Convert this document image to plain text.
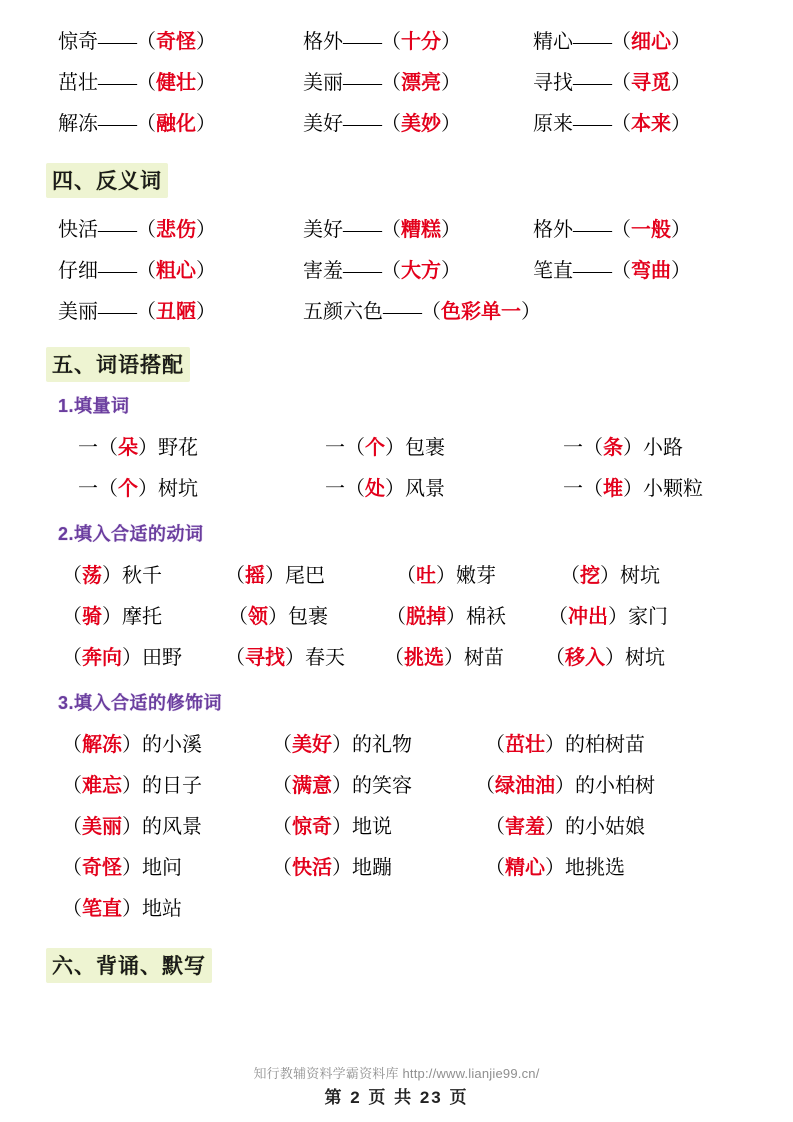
惊奇——（奇怪）	格外——（十分）	精心——（细心）
茁壮——（健壮）	美丽——（漂亮）	寻找——（寻觅）
解冻——（融化）	美好——（美妙）	原来——（本来）
四、反义词
快活——（悲伤）	美好——（糟糕）	格外——（一般）
仔细——（粗心）	害羞——（大方）	笔直——（弯曲）
美丽——（丑陋）	五颜六色——（色彩单一）
五、词语搭配
1.填量词
一（朵）野花	一（个）包裹	一（条）小路
一（个）树坑	一（处）风景	一（堆）小颗粒
2.填入合适的动词
（荡）秋千	（摇）尾巴	（吐）嫩芽	（挖）树坑
（骑）摩托	（领）包裹	（脱掉）棉袄 （冲出）家门
（奔向）田野 （寻找）春天 （挑选）树苗 （移入）树坑
3.填入合适的修饰词
（解冻）的小溪	（美好）的礼物	（茁壮）的柏树苗
（难忘）的日子	（满意）的笑容	（绿油油）的小柏树
（美丽）的风景	（惊奇）地说	（害羞）的小姑娘
（奇怪）地问	（快活）地蹦	（精心）地挑选
（笔直）地站
六、背诵、默写
知行教辅资料学霸资料库 http://www.lianjie99.cn/
第 2 页 共 23 页
